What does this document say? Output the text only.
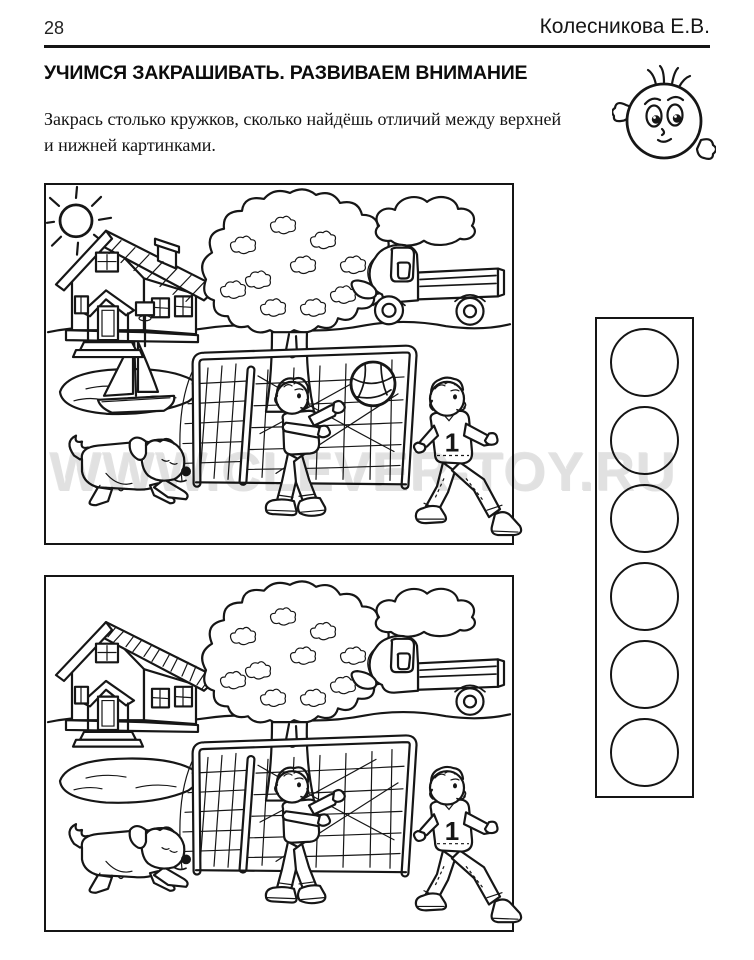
28	Колесникова Е.В.
УЧИМСЯ ЗАКРАШИВАТЬ. РАЗВИВАЕМ ВНИМАНИЕ
Закрась столько кружков, сколько найдёшь отличий между верхней
и нижней картинками.
WWW.CLEVER-TOY.RU
